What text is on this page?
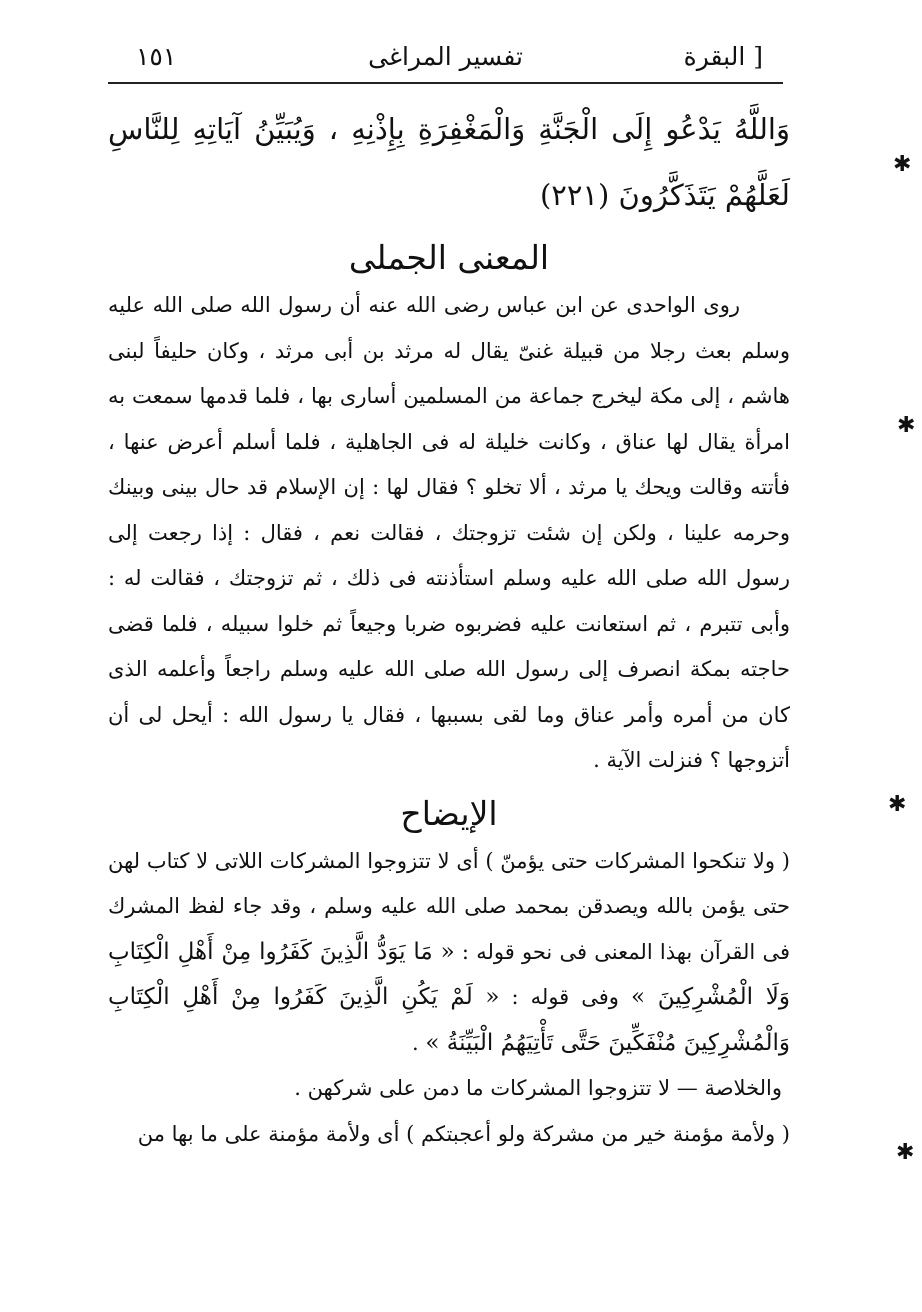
١٥١	تفسير المراغى	البقرة ]

وَاللَّهُ يَدْعُو إِلَى الْجَنَّةِ وَالْمَغْفِرَةِ بِإِذْنِهِ ، وَيُبَيِّنُ آيَاتِهِ لِلنَّاسِ لَعَلَّهُمْ يَتَذَكَّرُونَ (٢٢١)

المعنى الجملى

روى الواحدى عن ابن عباس رضى الله عنه أن رسول الله صلى الله عليه وسلم بعث رجلا من قبيلة غنىّ يقال له مرثد بن أبى مرثد ، وكان حليفاً لبنى هاشم ، إلى مكة ليخرج جماعة من المسلمين أسارى بها ، فلما قدمها سمعت به امرأة يقال لها عناق ، وكانت خليلة له فى الجاهلية ، فلما أسلم أعرض عنها ، فأتته وقالت ويحك يا مرثد ، ألا تخلو ؟ فقال لها : إن الإسلام قد حال بينى وبينك وحرمه علينا ، ولكن إن شئت تزوجتك ، فقالت نعم ، فقال : إذا رجعت إلى رسول الله صلى الله عليه وسلم استأذنته فى ذلك ، ثم تزوجتك ، فقالت له : وأبى تتبرم ، ثم استعانت عليه فضربوه ضربا وجيعاً ثم خلوا سبيله ، فلما قضى حاجته بمكة انصرف إلى رسول الله صلى الله عليه وسلم راجعاً وأعلمه الذى كان من أمره وأمر عناق وما لقى بسببها ، فقال يا رسول الله : أيحل لى أن أتزوجها ؟ فنزلت الآية .

الإيضاح

( ولا تنكحوا المشركات حتى يؤمنّ ) أى لا تتزوجوا المشركات اللاتى لا كتاب لهن حتى يؤمن بالله ويصدقن بمحمد صلى الله عليه وسلم ، وقد جاء لفظ المشرك فى القرآن بهذا المعنى فى نحو قوله : « مَا يَوَدُّ الَّذِينَ كَفَرُوا مِنْ أَهْلِ الْكِتَابِ وَلَا الْمُشْرِكِينَ » وفى قوله : « لَمْ يَكُنِ الَّذِينَ كَفَرُوا مِنْ أَهْلِ الْكِتَابِ وَالْمُشْرِكِينَ مُنْفَكِّينَ حَتَّى تَأْتِيَهُمُ الْبَيِّنَةُ » .

والخلاصة — لا تتزوجوا المشركات ما دمن على شركهن .

( ولأمة مؤمنة خير من مشركة ولو أعجبتكم ) أى ولأمة مؤمنة على ما بها من

✱
✱
✱
✱
